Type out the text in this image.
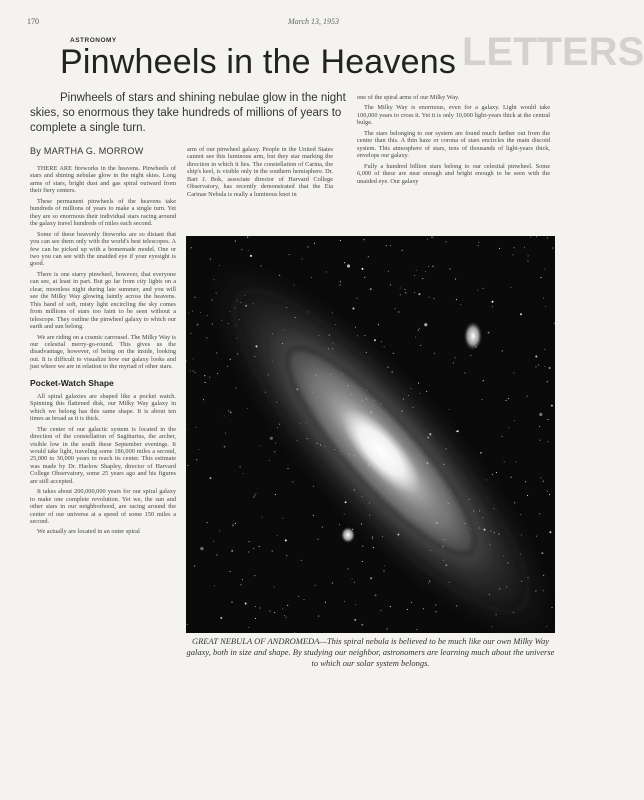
170	March 13, 1953
LETTERS
ASTRONOMY
Pinwheels in the Heavens

Pinwheels of stars and shining nebulae glow in the night skies, so enormous they take hundreds of millions of years to complete a single turn.

By MARTHA G. MORROW

THERE ARE fireworks in the heavens. Pinwheels of stars and shining nebulae glow in the night skies. Long arms of stars, bright dust and gas spiral outward from their fiery centers.

These permanent pinwheels of the heavens take hundreds of millions of years to make a single turn. Yet they are so enormous their individual stars racing around the galaxy travel hundreds of miles each second.

Some of these heavenly fireworks are so distant that you can see them only with the world's best telescopes. A few can be picked up with a homemade model. One or two you can see with the unaided eye if your eyesight is good.

There is one starry pinwheel, however, that everyone can see, at least in part. But go far from city lights on a clear, moonless night during late summer, and you will see the Milky Way glowing faintly across the heavens. This band of soft, misty light encircling the sky comes from millions of stars too faint to be seen without a telescope. They outline the pinwheel galaxy to which our earth and sun belong.

We are riding on a cosmic carrousel. The Milky Way is our celestial merry-go-round. This gives us the disadvantage, however, of being on the inside, looking out. It is difficult to visualize how our galaxy looks and just where we are in relation to the myriad of other stars.

Pocket-Watch Shape

All spiral galaxies are shaped like a pocket watch. Spinning this flattened disk, our Milky Way galaxy in which we belong has this same shape. It is about ten times as broad as it is thick.

The center of our galactic system is located in the direction of the constellation of Sagittarius, the archer, visible low in the south these September evenings. It would take light, traveling some 186,000 miles a second, 25,000 to 30,000 years to reach its center. This estimate was made by Dr. Harlow Shapley, director of Harvard College Observatory, some 25 years ago and his figures are still accepted.

It takes about 200,000,000 years for our spiral galaxy to make one complete revolution. Yet we, the sun and other stars in our neighborhood, are racing around the center of our universe at a speed of some 150 miles a second.

We actually are located in an outer spiral

arm of our pinwheel galaxy. People in the United States cannot see this luminous arm, but they star marking the direction in which it lies. The constellation of Carina, the ship's keel, is visible only in the southern hemisphere. Dr. Bart J. Bok, associate director of Harvard College Observatory, has recently demonstrated that the Eta Carinae Nebula is really a luminous knot in

one of the spiral arms of our Milky Way.

The Milky Way is enormous, even for a galaxy. Light would take 100,000 years to cross it. Yet it is only 10,000 light-years thick at the central bulge.

The stars belonging to our system are found much farther out from the center than this. A thin haze or corona of stars encircles the main discoid system. This atmosphere of stars, tens of thousands of light-years thick, envelops our galaxy.

Fully a hundred billion stars belong to our celestial pinwheel. Some 6,000 of these are near enough and bright enough to be seen with the unaided eye. Our galaxy

GREAT NEBULA OF ANDROMEDA—This spiral nebula is believed to be much like our own Milky Way galaxy, both in size and shape. By studying our neighbor, astronomers are learning much about the universe to which our solar system belongs.
